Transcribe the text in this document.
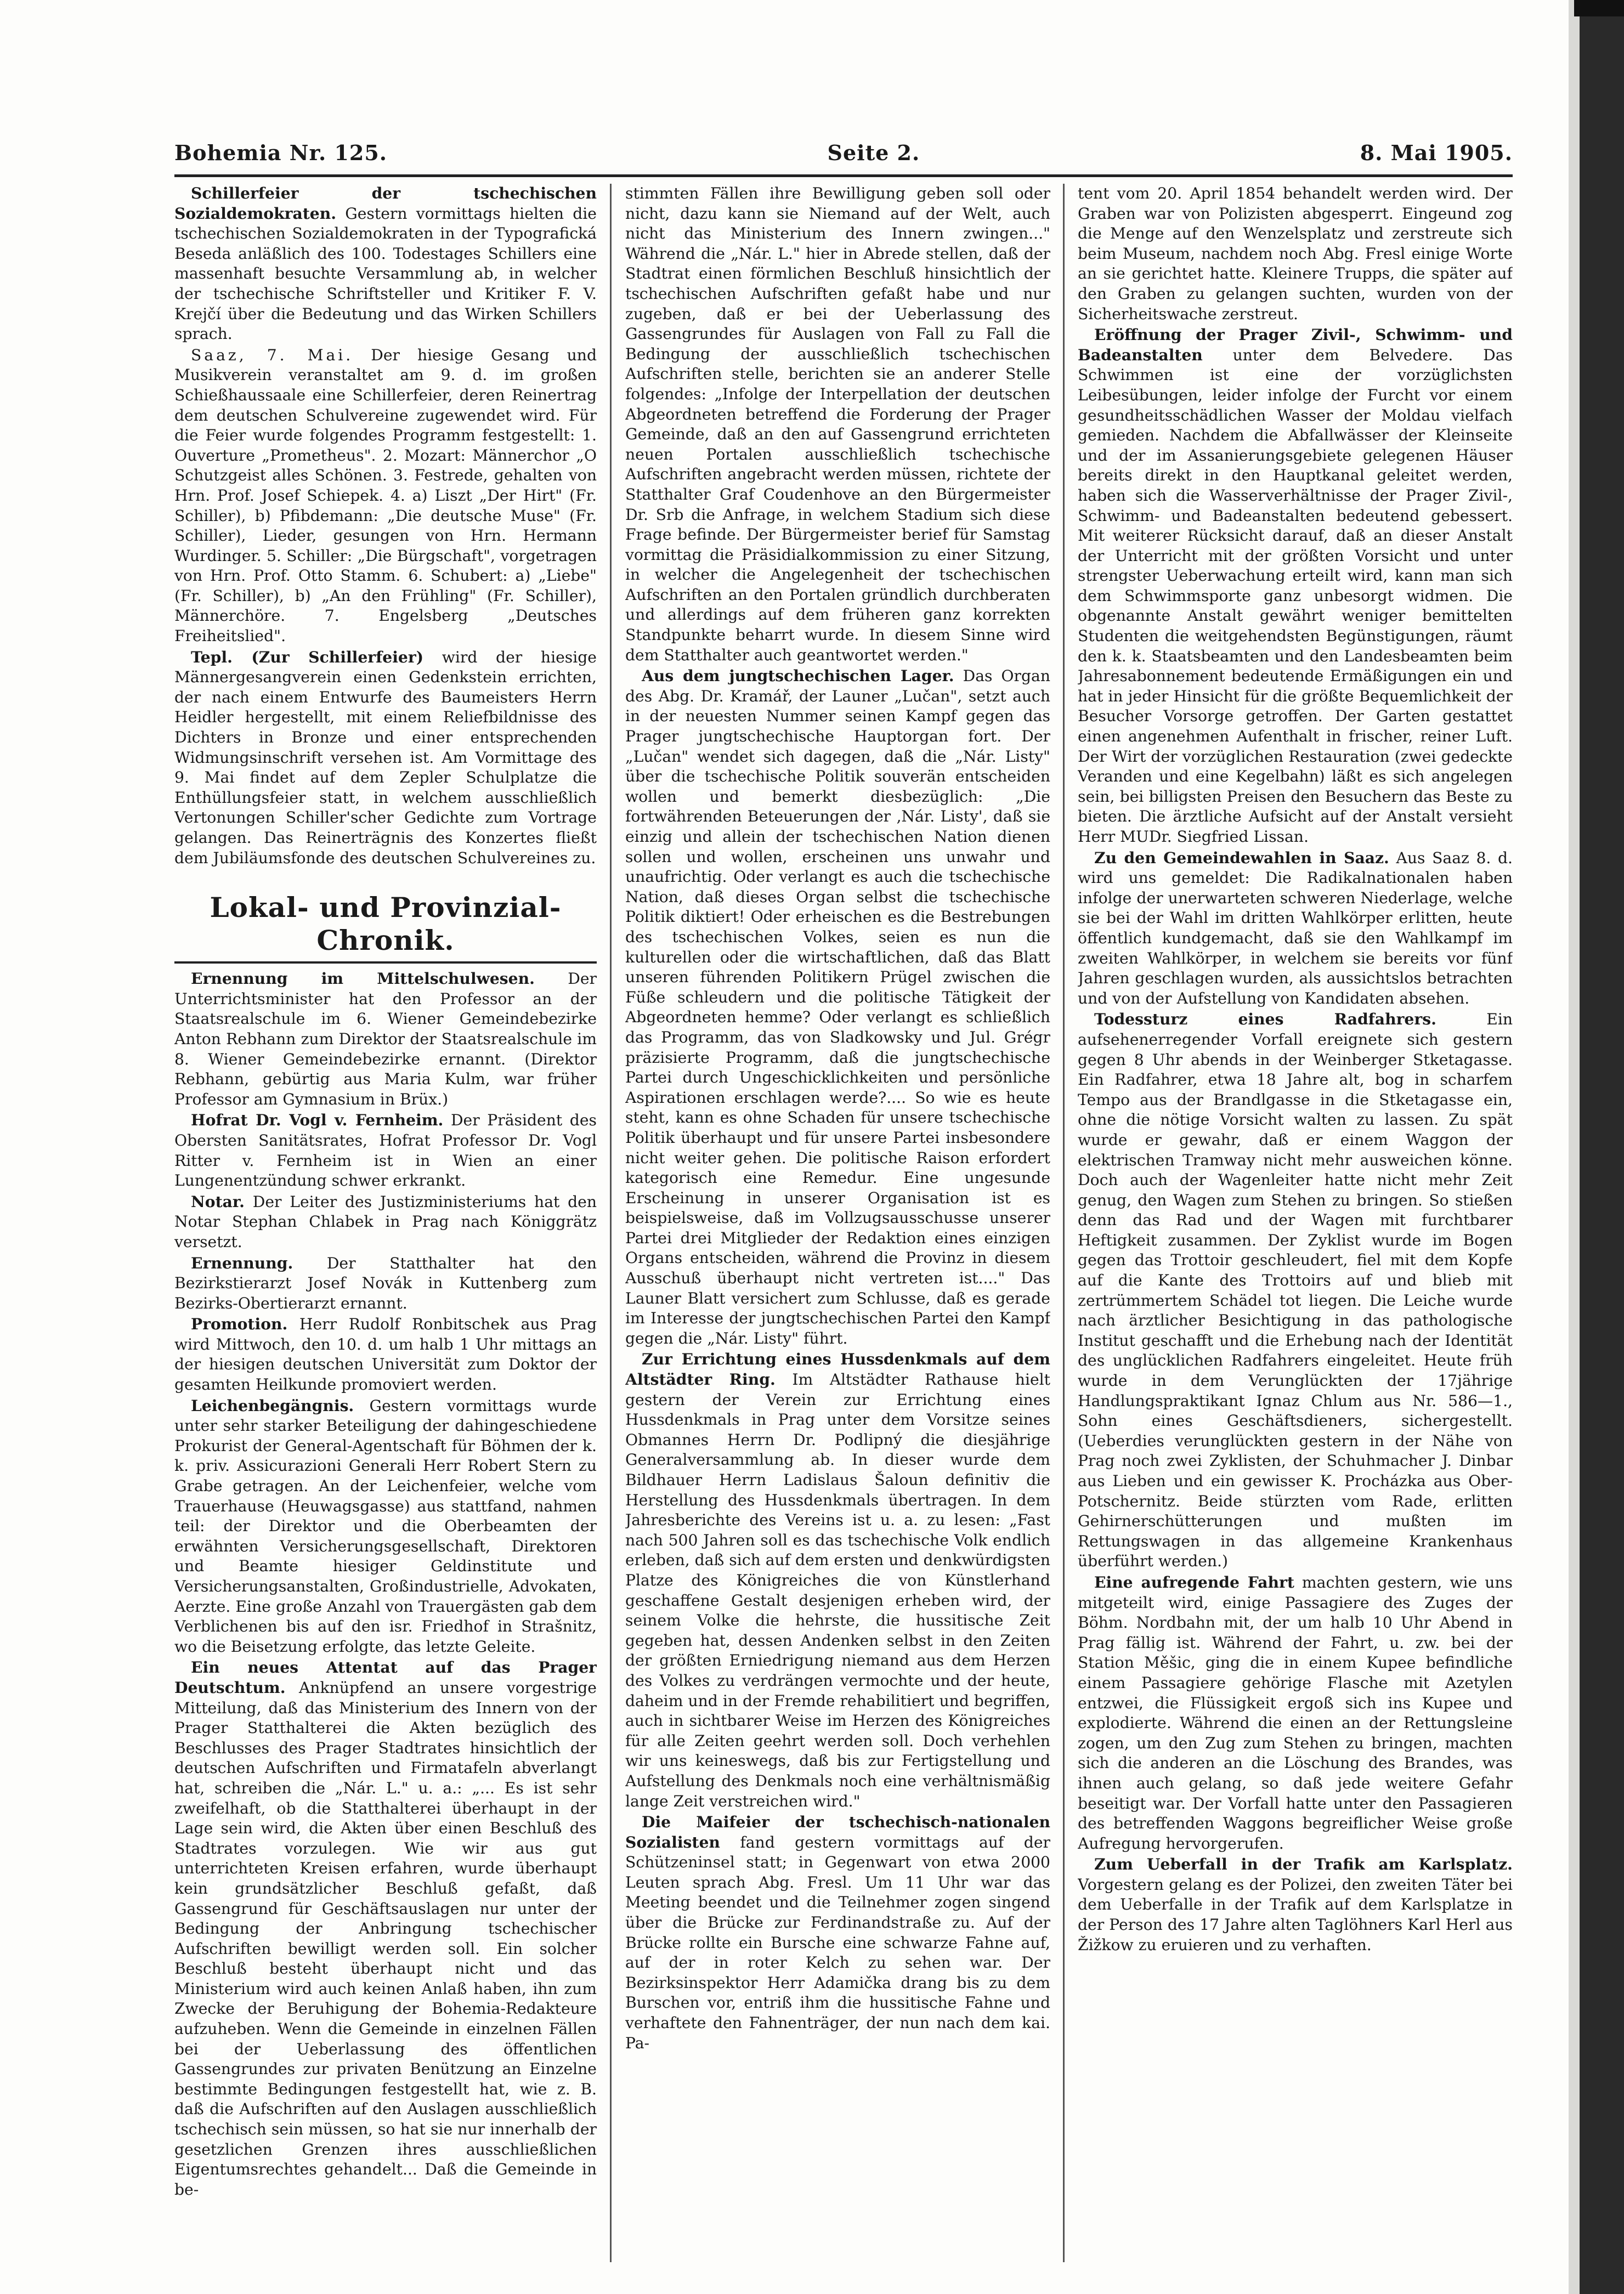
Bohemia Nr. 125.	Seite 2.	8. Mai 1905.

Schillerfeier der tschechischen Sozialdemokraten. Gestern vormittags hielten die tschechischen Sozialdemokraten in der Typografická Beseda anläßlich des 100. Todestages Schillers eine massenhaft besuchte Versammlung ab, in welcher der tschechische Schriftsteller und Kritiker F. V. Krejčí über die Bedeutung und das Wirken Schillers sprach.

Saaz, 7. Mai. Der hiesige Gesang und Musikverein veranstaltet am 9. d. im großen Schießhaussaale eine Schillerfeier, deren Reinertrag dem deutschen Schulvereine zugewendet wird. Für die Feier wurde folgendes Programm festgestellt: 1. Ouverture „Prometheus". 2. Mozart: Männerchor „O Schutzgeist alles Schönen. 3. Festrede, gehalten von Hrn. Prof. Josef Schiepek. 4. a) Liszt „Der Hirt" (Fr. Schiller), b) Pfibdemann: „Die deutsche Muse" (Fr. Schiller), Lieder, gesungen von Hrn. Hermann Wurdinger. 5. Schiller: „Die Bürgschaft", vorgetragen von Hrn. Prof. Otto Stamm. 6. Schubert: a) „Liebe" (Fr. Schiller), b) „An den Frühling" (Fr. Schiller), Männerchöre. 7. Engelsberg „Deutsches Freiheitslied".

Tepl. (Zur Schillerfeier) wird der hiesige Männergesangverein einen Gedenkstein errichten, der nach einem Entwurfe des Baumeisters Herrn Heidler hergestellt, mit einem Reliefbildnisse des Dichters in Bronze und einer entsprechenden Widmungsinschrift versehen ist. Am Vormittage des 9. Mai findet auf dem Zepler Schulplatze die Enthüllungsfeier statt, in welchem ausschließlich Vertonungen Schiller'scher Gedichte zum Vortrage gelangen. Das Reinerträgnis des Konzertes fließt dem Jubiläumsfonde des deutschen Schulvereines zu.

Lokal- und Provinzial-Chronik.

Ernennung im Mittelschulwesen. Der Unterrichtsminister hat den Professor an der Staatsrealschule im 6. Wiener Gemeindebezirke Anton Rebhann zum Direktor der Staatsrealschule im 8. Wiener Gemeindebezirke ernannt. (Direktor Rebhann, gebürtig aus Maria Kulm, war früher Professor am Gymnasium in Brüx.)

Hofrat Dr. Vogl v. Fernheim. Der Präsident des Obersten Sanitätsrates, Hofrat Professor Dr. Vogl Ritter v. Fernheim ist in Wien an einer Lungenentzündung schwer erkrankt.

Notar. Der Leiter des Justizministeriums hat den Notar Stephan Chlabek in Prag nach Königgrätz versetzt.

Ernennung. Der Statthalter hat den Bezirkstierarzt Josef Novák in Kuttenberg zum Bezirks-Obertierarzt ernannt.

Promotion. Herr Rudolf Ronbitschek aus Prag wird Mittwoch, den 10. d. um halb 1 Uhr mittags an der hiesigen deutschen Universität zum Doktor der gesamten Heilkunde promoviert werden.

Leichenbegängnis. Gestern vormittags wurde unter sehr starker Beteiligung der dahingeschiedene Prokurist der General-Agentschaft für Böhmen der k. k. priv. Assicurazioni Generali Herr Robert Stern zu Grabe getragen. An der Leichenfeier, welche vom Trauerhause (Heuwagsgasse) aus stattfand, nahmen teil: der Direktor und die Oberbeamten der erwähnten Versicherungsgesellschaft, Direktoren und Beamte hiesiger Geldinstitute und Versicherungsanstalten, Großindustrielle, Advokaten, Aerzte. Eine große Anzahl von Trauergästen gab dem Verblichenen bis auf den isr. Friedhof in Strašnitz, wo die Beisetzung erfolgte, das letzte Geleite.

Ein neues Attentat auf das Prager Deutschtum. Anknüpfend an unsere vorgestrige Mitteilung, daß das Ministerium des Innern von der Prager Statthalterei die Akten bezüglich des Beschlusses des Prager Stadtrates hinsichtlich der deutschen Aufschriften und Firmatafeln abverlangt hat, schreiben die „Nár. L." u. a.: „... Es ist sehr zweifelhaft, ob die Statthalterei überhaupt in der Lage sein wird, die Akten über einen Beschluß des Stadtrates vorzulegen. Wie wir aus gut unterrichteten Kreisen erfahren, wurde überhaupt kein grundsätzlicher Beschluß gefaßt, daß Gassengrund für Geschäftsauslagen nur unter der Bedingung der Anbringung tschechischer Aufschriften bewilligt werden soll. Ein solcher Beschluß besteht überhaupt nicht und das Ministerium wird auch keinen Anlaß haben, ihn zum Zwecke der Beruhigung der Bohemia-Redakteure aufzuheben. Wenn die Gemeinde in einzelnen Fällen bei der Ueberlassung des öffentlichen Gassengrundes zur privaten Benützung an Einzelne bestimmte Bedingungen festgestellt hat, wie z. B. daß die Aufschriften auf den Auslagen ausschließlich tschechisch sein müssen, so hat sie nur innerhalb der gesetzlichen Grenzen ihres ausschließlichen Eigentumsrechtes gehandelt... Daß die Gemeinde in be-

stimmten Fällen ihre Bewilligung geben soll oder nicht, dazu kann sie Niemand auf der Welt, auch nicht das Ministerium des Innern zwingen..." Während die „Nár. L." hier in Abrede stellen, daß der Stadtrat einen förmlichen Beschluß hinsichtlich der tschechischen Aufschriften gefaßt habe und nur zugeben, daß er bei der Ueberlassung des Gassengrundes für Auslagen von Fall zu Fall die Bedingung der ausschließlich tschechischen Aufschriften stelle, berichten sie an anderer Stelle folgendes: „Infolge der Interpellation der deutschen Abgeordneten betreffend die Forderung der Prager Gemeinde, daß an den auf Gassengrund errichteten neuen Portalen ausschließlich tschechische Aufschriften angebracht werden müssen, richtete der Statthalter Graf Coudenhove an den Bürgermeister Dr. Srb die Anfrage, in welchem Stadium sich diese Frage befinde. Der Bürgermeister berief für Samstag vormittag die Präsidialkommission zu einer Sitzung, in welcher die Angelegenheit der tschechischen Aufschriften an den Portalen gründlich durchberaten und allerdings auf dem früheren ganz korrekten Standpunkte beharrt wurde. In diesem Sinne wird dem Statthalter auch geantwortet werden."

Aus dem jungtschechischen Lager. Das Organ des Abg. Dr. Kramář, der Launer „Lučan", setzt auch in der neuesten Nummer seinen Kampf gegen das Prager jungtschechische Hauptorgan fort. Der „Lučan" wendet sich dagegen, daß die „Nár. Listy" über die tschechische Politik souverän entscheiden wollen und bemerkt diesbezüglich: „Die fortwährenden Beteuerungen der ‚Nár. Listy', daß sie einzig und allein der tschechischen Nation dienen sollen und wollen, erscheinen uns unwahr und unaufrichtig. Oder verlangt es auch die tschechische Nation, daß dieses Organ selbst die tschechische Politik diktiert! Oder erheischen es die Bestrebungen des tschechischen Volkes, seien es nun die kulturellen oder die wirtschaftlichen, daß das Blatt unseren führenden Politikern Prügel zwischen die Füße schleudern und die politische Tätigkeit der Abgeordneten hemme? Oder verlangt es schließlich das Programm, das von Sladkowsky und Jul. Grégr präzisierte Programm, daß die jungtschechische Partei durch Ungeschicklichkeiten und persönliche Aspirationen erschlagen werde?.... So wie es heute steht, kann es ohne Schaden für unsere tschechische Politik überhaupt und für unsere Partei insbesondere nicht weiter gehen. Die politische Raison erfordert kategorisch eine Remedur. Eine ungesunde Erscheinung in unserer Organisation ist es beispielsweise, daß im Vollzugsausschusse unserer Partei drei Mitglieder der Redaktion eines einzigen Organs entscheiden, während die Provinz in diesem Ausschuß überhaupt nicht vertreten ist...." Das Launer Blatt versichert zum Schlusse, daß es gerade im Interesse der jungtschechischen Partei den Kampf gegen die „Nár. Listy" führt.

Zur Errichtung eines Hussdenkmals auf dem Altstädter Ring. Im Altstädter Rathause hielt gestern der Verein zur Errichtung eines Hussdenkmals in Prag unter dem Vorsitze seines Obmannes Herrn Dr. Podlipný die diesjährige Generalversammlung ab. In dieser wurde dem Bildhauer Herrn Ladislaus Šaloun definitiv die Herstellung des Hussdenkmals übertragen. In dem Jahresberichte des Vereins ist u. a. zu lesen: „Fast nach 500 Jahren soll es das tschechische Volk endlich erleben, daß sich auf dem ersten und denkwürdigsten Platze des Königreiches die von Künstlerhand geschaffene Gestalt desjenigen erheben wird, der seinem Volke die hehrste, die hussitische Zeit gegeben hat, dessen Andenken selbst in den Zeiten der größten Erniedrigung niemand aus dem Herzen des Volkes zu verdrängen vermochte und der heute, daheim und in der Fremde rehabilitiert und begriffen, auch in sichtbarer Weise im Herzen des Königreiches für alle Zeiten geehrt werden soll. Doch verhehlen wir uns keineswegs, daß bis zur Fertigstellung und Aufstellung des Denkmals noch eine verhältnismäßig lange Zeit verstreichen wird."

Die Maifeier der tschechisch-nationalen Sozialisten fand gestern vormittags auf der Schützeninsel statt; in Gegenwart von etwa 2000 Leuten sprach Abg. Fresl. Um 11 Uhr war das Meeting beendet und die Teilnehmer zogen singend über die Brücke zur Ferdinandstraße zu. Auf der Brücke rollte ein Bursche eine schwarze Fahne auf, auf der in roter Kelch zu sehen war. Der Bezirksinspektor Herr Adamička drang bis zu dem Burschen vor, entriß ihm die hussitische Fahne und verhaftete den Fahnenträger, der nun nach dem kai. Pa-

tent vom 20. April 1854 behandelt werden wird. Der Graben war von Polizisten abgesperrt. Eingeund zog die Menge auf den Wenzelsplatz und zerstreute sich beim Museum, nachdem noch Abg. Fresl einige Worte an sie gerichtet hatte. Kleinere Trupps, die später auf den Graben zu gelangen suchten, wurden von der Sicherheitswache zerstreut.

Eröffnung der Prager Zivil-, Schwimm- und Badeanstalten unter dem Belvedere. Das Schwimmen ist eine der vorzüglichsten Leibesübungen, leider infolge der Furcht vor einem gesundheitsschädlichen Wasser der Moldau vielfach gemieden. Nachdem die Abfallwässer der Kleinseite und der im Assanierungsgebiete gelegenen Häuser bereits direkt in den Hauptkanal geleitet werden, haben sich die Wasserverhältnisse der Prager Zivil-, Schwimm- und Badeanstalten bedeutend gebessert. Mit weiterer Rücksicht darauf, daß an dieser Anstalt der Unterricht mit der größten Vorsicht und unter strengster Ueberwachung erteilt wird, kann man sich dem Schwimmsporte ganz unbesorgt widmen. Die obgenannte Anstalt gewährt weniger bemittelten Studenten die weitgehendsten Begünstigungen, räumt den k. k. Staatsbeamten und den Landesbeamten beim Jahresabonnement bedeutende Ermäßigungen ein und hat in jeder Hinsicht für die größte Bequemlichkeit der Besucher Vorsorge getroffen. Der Garten gestattet einen angenehmen Aufenthalt in frischer, reiner Luft. Der Wirt der vorzüglichen Restauration (zwei gedeckte Veranden und eine Kegelbahn) läßt es sich angelegen sein, bei billigsten Preisen den Besuchern das Beste zu bieten. Die ärztliche Aufsicht auf der Anstalt versieht Herr MUDr. Siegfried Lissan.

Zu den Gemeindewahlen in Saaz. Aus Saaz 8. d. wird uns gemeldet: Die Radikalnationalen haben infolge der unerwarteten schweren Niederlage, welche sie bei der Wahl im dritten Wahlkörper erlitten, heute öffentlich kundgemacht, daß sie den Wahlkampf im zweiten Wahlkörper, in welchem sie bereits vor fünf Jahren geschlagen wurden, als aussichtslos betrachten und von der Aufstellung von Kandidaten absehen.

Todessturz eines Radfahrers.	Ein aufsehenerregender Vorfall ereignete sich gestern gegen 8 Uhr abends in der Weinberger Stketagasse. Ein Radfahrer, etwa 18 Jahre alt, bog in scharfem Tempo aus der Brandlgasse in die Stketagasse ein, ohne die nötige Vorsicht walten zu lassen. Zu spät wurde er gewahr, daß er einem Waggon der elektrischen Tramway nicht mehr ausweichen könne. Doch auch der Wagenleiter hatte nicht mehr Zeit genug, den Wagen zum Stehen zu bringen. So stießen denn das Rad und der Wagen mit furchtbarer Heftigkeit zusammen. Der Zyklist wurde im Bogen gegen das Trottoir geschleudert, fiel mit dem Kopfe auf die Kante des Trottoirs auf und blieb mit zertrümmertem Schädel tot liegen. Die Leiche wurde nach ärztlicher Besichtigung in das pathologische Institut geschafft und die Erhebung nach der Identität des unglücklichen Radfahrers eingeleitet. Heute früh wurde in dem Verunglückten der 17jährige Handlungspraktikant Ignaz Chlum aus Nr. 586—1., Sohn eines Geschäftsdieners, sichergestellt. (Ueberdies verunglückten gestern in der Nähe von Prag noch zwei Zyklisten, der Schuhmacher J. Dinbar aus Lieben und ein gewisser K. Procházka aus Ober-Potschernitz. Beide stürzten vom Rade, erlitten Gehirnerschütterungen und mußten im Rettungswagen in das allgemeine Krankenhaus überführt werden.)

Eine aufregende Fahrt machten gestern, wie uns mitgeteilt wird, einige Passagiere des Zuges der Böhm. Nordbahn mit, der um halb 10 Uhr Abend in Prag fällig ist. Während der Fahrt, u. zw. bei der Station Měšic, ging die in einem Kupee befindliche einem Passagiere gehörige Flasche mit Azetylen entzwei, die Flüssigkeit ergoß sich ins Kupee und explodierte. Während die einen an der Rettungsleine zogen, um den Zug zum Stehen zu bringen, machten sich die anderen an die Löschung des Brandes, was ihnen auch gelang, so daß jede weitere Gefahr beseitigt war. Der Vorfall hatte unter den Passagieren des betreffenden Waggons begreiflicher Weise große Aufregung hervorgerufen.

Zum Ueberfall in der Trafik am Karlsplatz. Vorgestern gelang es der Polizei, den zweiten Täter bei dem Ueberfalle in der Trafik auf dem Karlsplatze in der Person des 17 Jahre alten Taglöhners Karl Herl aus Žižkow zu eruieren und zu verhaften.
